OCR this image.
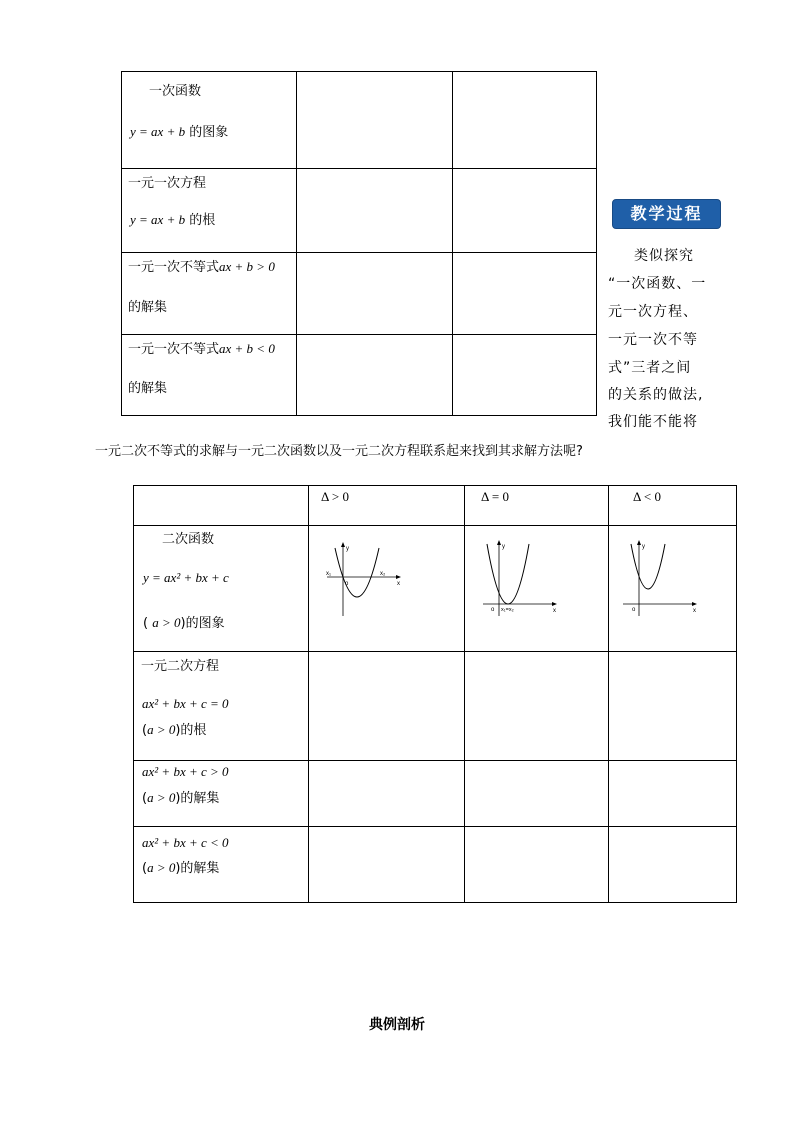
一次函数
y = ax + b 的图象		

一元一次方程
y = ax + b 的根		

一元一次不等式ax + b > 0
的解集		

一元一次不等式ax + b < 0
的解集		

教学过程
类似探究
“一次函数、一
元一次方程、
一元一次不等
式”三者之间
的关系的做法,
我们能不能将
一元二次不等式的求解与一元二次函数以及一元二次方程联系起来找到其求解方法呢?

	Δ > 0	Δ = 0	Δ < 0

二次函数
y = ax² + bx + c
( a > 0)的图象	y
x
o
x₁ x₂	y
x
o x₁=x₂	y
x
o

一元二次方程
ax² + bx + c = 0
(a > 0)的根			

ax² + bx + c > 0
(a > 0)的解集			

ax² + bx + c < 0
(a > 0)的解集			

典例剖析
